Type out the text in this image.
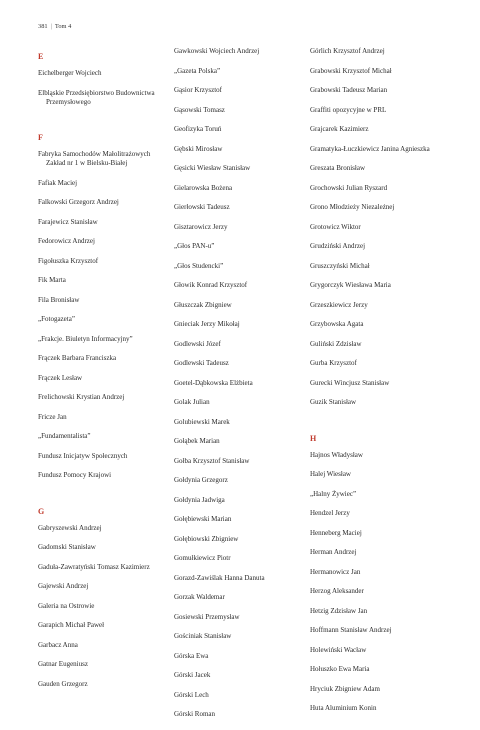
381 | Tom 4
E
Eichelberger Wojciech
Elbląskie Przedsiębiorstwo Budownictwa Przemysłowego
F
Fabryka Samochodów Małolitrażowych Zakład nr 1 w Bielsku-Białej
Fafiak Maciej
Falkowski Grzegorz Andrzej
Farajewicz Stanisław
Fedorowicz Andrzej
Figołuszka Krzysztof
Fik Marta
Fila Bronisław
„Fotogazeta”
„Frakcje. Biuletyn Informacyjny”
Frączek Barbara Franciszka
Frączek Lesław
Frelichowski Krystian Andrzej
Fricze Jan
„Fundamentalista”
Fundusz Inicjatyw Społecznych
Fundusz Pomocy Krajowi
G
Gabryszewski Andrzej
Gadomski Stanisław
Gaduła-Zawratyński Tomasz Kazimierz
Gajewski Andrzej
Galeria na Ostrowie
Garapich Michał Paweł
Garbacz Anna
Gatnar Eugeniusz
Gauden Grzegorz
Gawkowski Wojciech Andrzej
„Gazeta Polska”
Gąsior Krzysztof
Gąsowski Tomasz
Geofizyka Toruń
Gębski Mirosław
Gęsicki Wiesław Stanisław
Gielarowska Bożena
Gierłowski Tadeusz
Gisztarowicz Jerzy
„Głos PAN-u”
„Głos Studencki”
Głowik Konrad Krzysztof
Głuszczak Zbigniew
Gnieciak Jerzy Mikołaj
Godlewski Józef
Godlewski Tadeusz
Goetel-Dąbkowska Elżbieta
Golak Julian
Golubiewski Marek
Gołąbek Marian
Gołba Krzysztof Stanisław
Gołdynia Grzegorz
Gołdynia Jadwiga
Gołębiewski Marian
Gołębiowski Zbigniew
Gomułkiewicz Piotr
Gorazd-Zawiślak Hanna Danuta
Gorzak Waldemar
Gosiewski Przemysław
Gościniak Stanisław
Górska Ewa
Górski Jacek
Górski Lech
Górski Roman
Górlich Krzysztof Andrzej
Grabowski Krzysztof Michał
Grabowski Tadeusz Marian
Graffiti opozycyjne w PRL
Grajcarek Kazimierz
Gramatyka-Łuczkiewicz Janina Agnieszka
Greszata Bronisław
Grochowski Julian Ryszard
Grono Młodzieży Niezależnej
Grotowicz Wiktor
Grudziński Andrzej
Gruszczyński Michał
Grygorczyk Wiesława Maria
Grzeszkiewicz Jerzy
Grzybowska Agata
Guliński Zdzisław
Gurba Krzysztof
Gurecki Wincjusz Stanisław
Guzik Stanisław
H
Hajnos Władysław
Halej Wiesław
„Halny Żywiec”
Hendzel Jerzy
Henneberg Maciej
Herman Andrzej
Hermanowicz Jan
Herzog Aleksander
Hetzig Zdzisław Jan
Hoffmann Stanisław Andrzej
Holewiński Wacław
Hołuszko Ewa Maria
Hryciuk Zbigniew Adam
Huta Aluminium Konin
